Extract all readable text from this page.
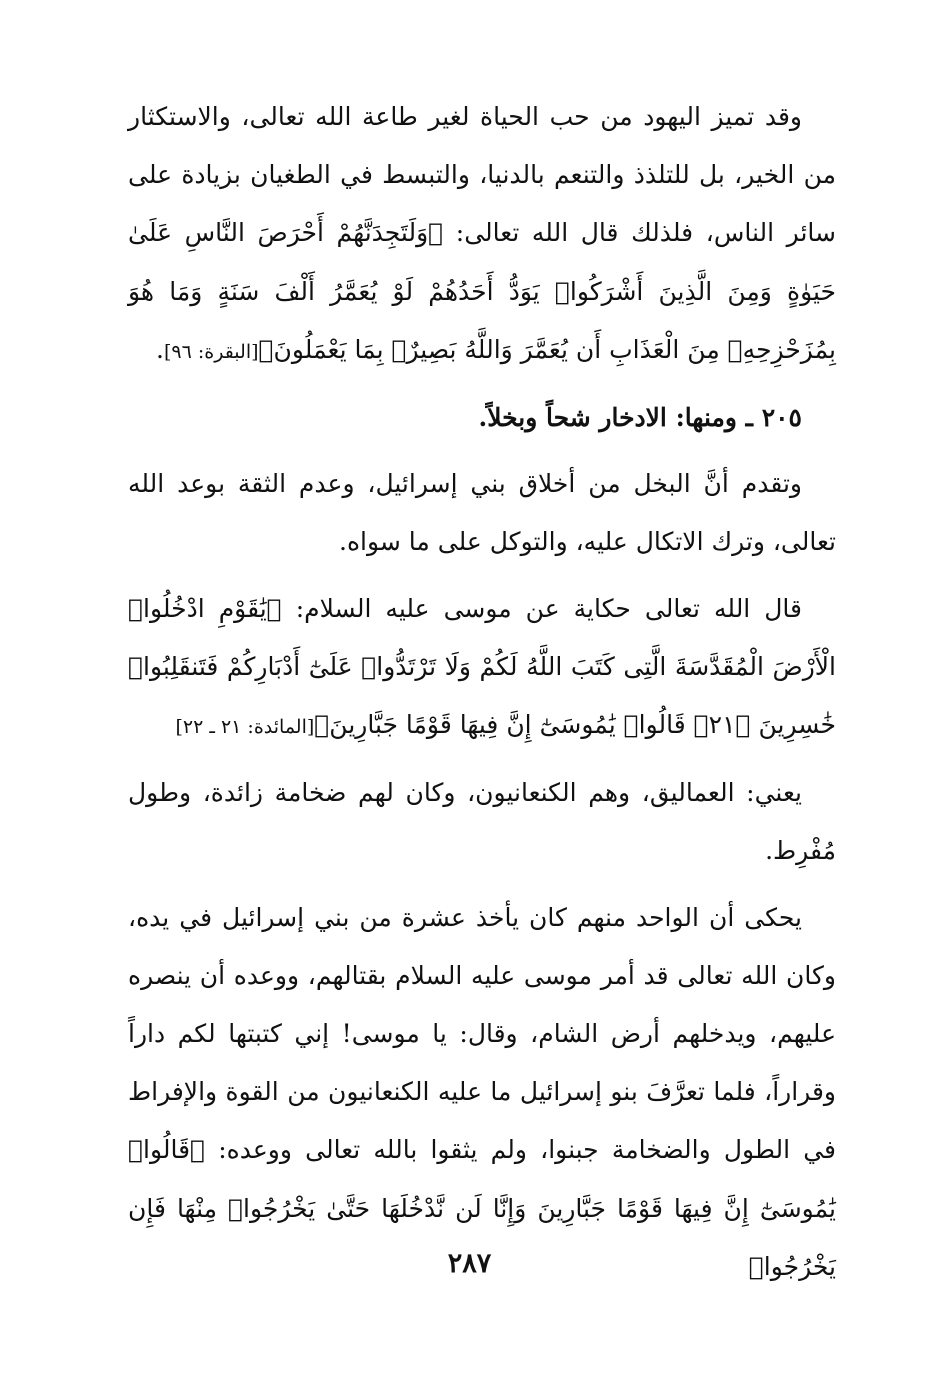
وقد تميز اليهود من حب الحياة لغير طاعة الله تعالى، والاستكثار من الخير، بل للتلذذ والتنعم بالدنيا، والتبسط في الطغيان بزيادة على سائر الناس، فلذلك قال الله تعالى: ﴿وَلَتَجِدَنَّهُمْ أَحْرَصَ النَّاسِ عَلَىٰ حَيَوٰةٍ وَمِنَ الَّذِينَ أَشْرَكُوا۟ يَوَدُّ أَحَدُهُمْ لَوْ يُعَمَّرُ أَلْفَ سَنَةٍ وَمَا هُوَ بِمُزَحْزِحِهِۦ مِنَ الْعَذَابِ أَن يُعَمَّرَ وَاللَّهُ بَصِيرٌۢ بِمَا يَعْمَلُونَ﴾[البقرة: ٩٦].

٢٠٥ ـ ومنها: الادخار شحاً وبخلاً.

وتقدم أنَّ البخل من أخلاق بني إسرائيل، وعدم الثقة بوعد الله تعالى، وترك الاتكال عليه، والتوكل على ما سواه.

قال الله تعالى حكاية عن موسى عليه السلام: ﴿يَٰقَوْمِ ادْخُلُوا۟ الْأَرْضَ الْمُقَدَّسَةَ الَّتِى كَتَبَ اللَّهُ لَكُمْ وَلَا تَرْتَدُّوا۟ عَلَىٰٓ أَدْبَارِكُمْ فَتَنقَلِبُوا۟ خَٰسِرِينَ ﴿٢١﴾ قَالُوا۟ يَٰمُوسَىٰٓ إِنَّ فِيهَا قَوْمًا جَبَّارِينَ﴾[المائدة: ٢١ ـ ٢٢]

يعني: العماليق، وهم الكنعانيون، وكان لهم ضخامة زائدة، وطول مُفْرِط.

يحكى أن الواحد منهم كان يأخذ عشرة من بني إسرائيل في يده، وكان الله تعالى قد أمر موسى عليه السلام بقتالهم، ووعده أن ينصره عليهم، ويدخلهم أرض الشام، وقال: يا موسى! إني كتبتها لكم داراً وقراراً، فلما تعرَّفَ بنو إسرائيل ما عليه الكنعانيون من القوة والإفراط في الطول والضخامة جبنوا، ولم يثقوا بالله تعالى ووعده: ﴿قَالُوا۟ يَٰمُوسَىٰٓ إِنَّ فِيهَا قَوْمًا جَبَّارِينَ وَإِنَّا لَن نَّدْخُلَهَا حَتَّىٰ يَخْرُجُوا۟ مِنْهَا فَإِن يَخْرُجُوا۟

٢٨٧
